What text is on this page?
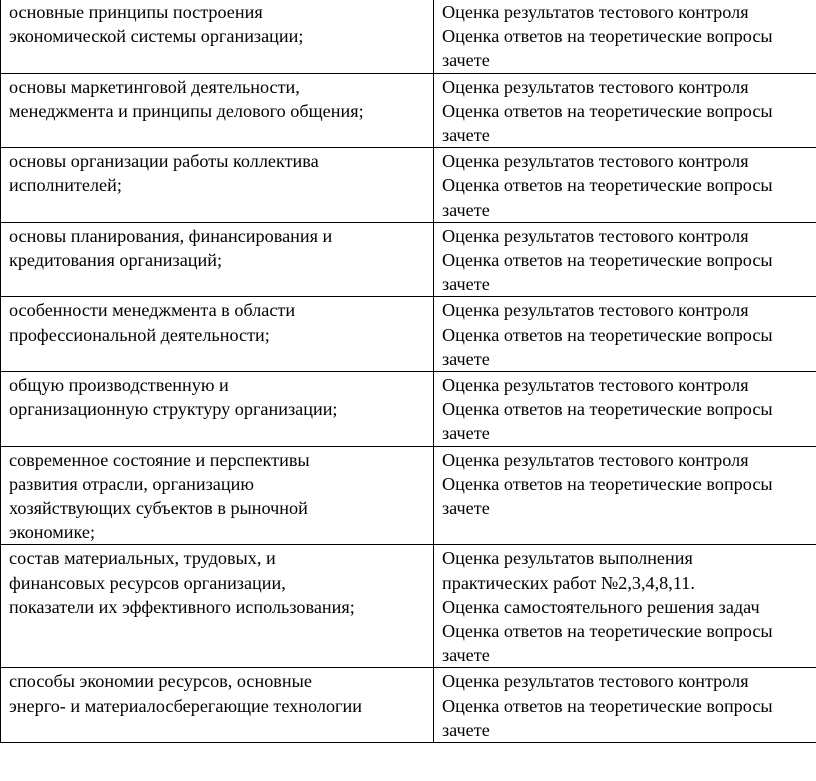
основные принципы построения
экономической системы организации;	Оценка результатов тестового контроля
Оценка ответов на теоретические вопросы
зачете

основы маркетинговой деятельности,
менеджмента и принципы делового общения;	Оценка результатов тестового контроля
Оценка ответов на теоретические вопросы
зачете

основы организации работы коллектива
исполнителей;	Оценка результатов тестового контроля
Оценка ответов на теоретические вопросы
зачете

основы планирования, финансирования и
кредитования организаций;	Оценка результатов тестового контроля
Оценка ответов на теоретические вопросы
зачете

особенности менеджмента в области
профессиональной деятельности;	Оценка результатов тестового контроля
Оценка ответов на теоретические вопросы
зачете

общую производственную и
организационную структуру организации;	Оценка результатов тестового контроля
Оценка ответов на теоретические вопросы
зачете

современное состояние и перспективы
развития отрасли, организацию
хозяйствующих субъектов в рыночной
экономике;	Оценка результатов тестового контроля
Оценка ответов на теоретические вопросы
зачете

состав материальных, трудовых, и
финансовых ресурсов организации,
показатели их эффективного использования;	Оценка результатов выполнения
практических работ №2,3,4,8,11.
Оценка самостоятельного решения задач
Оценка ответов на теоретические вопросы
зачете

способы экономии ресурсов, основные
энерго- и материалосберегающие технологии	Оценка результатов тестового контроля
Оценка ответов на теоретические вопросы
зачете
